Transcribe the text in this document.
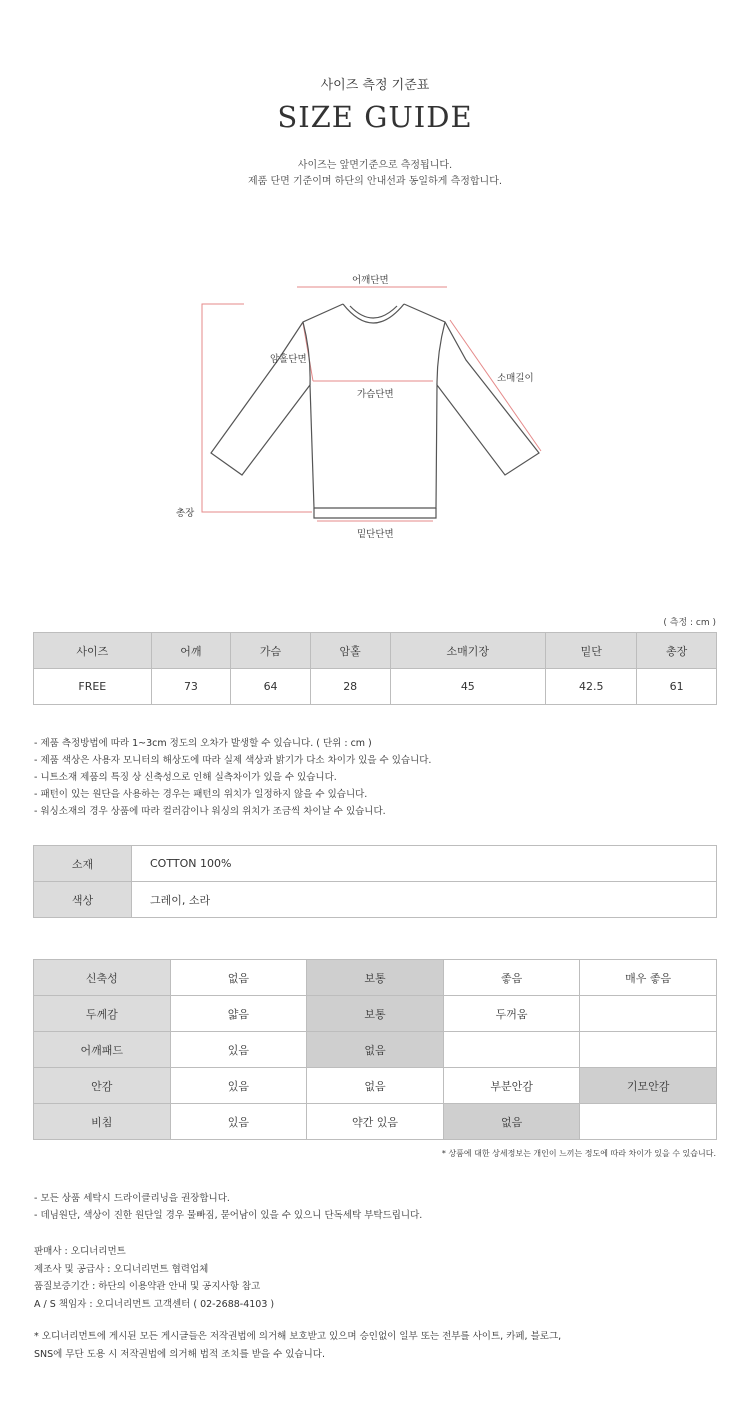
사이즈 측정 기준표
SIZE GUIDE
사이즈는 앞면기준으로 측정됩니다.
제품 단면 기준이며 하단의 안내선과 동일하게 측정합니다.
어깨단면
암홀단면
가슴단면
소매길이
총장
밑단단면
( 측정 : cm )
사이즈	어깨	가슴	암홀	소매기장	밑단	총장
FREE	73	64	28	45	42.5	61
- 제품 측정방법에 따라 1~3cm 정도의 오차가 발생할 수 있습니다. ( 단위 : cm )
- 제품 색상은 사용자 모니터의 해상도에 따라 실제 색상과 밝기가 다소 차이가 있을 수 있습니다.
- 니트소재 제품의 특징 상 신축성으로 인해 실측차이가 있을 수 있습니다.
- 패턴이 있는 원단을 사용하는 경우는 패턴의 위치가 일정하지 않을 수 있습니다.
- 워싱소재의 경우 상품에 따라 컬러감이나 워싱의 위치가 조금씩 차이날 수 있습니다.
소재	COTTON 100%
색상	그레이, 소라
신축성	없음	보통	좋음	매우 좋음
두께감	얇음	보통	두꺼움	
어깨패드	있음	없음		
안감	있음	없음	부분안감	기모안감
비침	있음	약간 있음	없음	
* 상품에 대한 상세정보는 개인이 느끼는 정도에 따라 차이가 있을 수 있습니다.
- 모든 상품 세탁시 드라이클리닝을 권장합니다.
- 데님원단, 색상이 진한 원단일 경우 물빠짐, 묻어남이 있을 수 있으니 단독세탁 부탁드립니다.
판매사 : 오디너리먼트
제조사 및 공급사 : 오디너리먼트 협력업체
품질보증기간 : 하단의 이용약관 안내 및 공지사항 참고
A / S 책임자 : 오디너리먼트 고객센터 ( 02-2688-4103 )
* 오디너리먼트에 게시된 모든 게시글들은 저작권법에 의거해 보호받고 있으며 승인없이 일부 또는 전부를 사이트, 카페, 블로그,
SNS에 무단 도용 시 저작권법에 의거해 법적 조치를 받을 수 있습니다.
